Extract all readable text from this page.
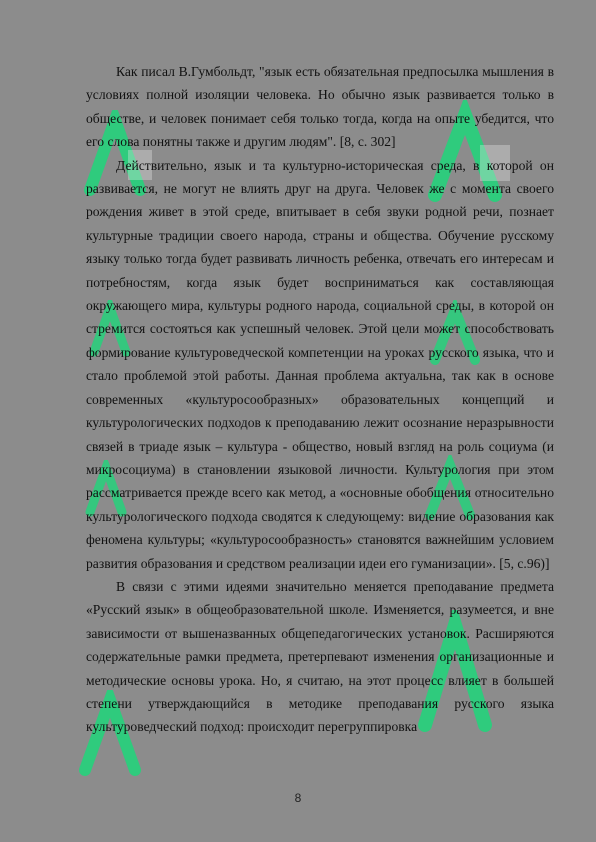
Как писал В.Гумбольдт, "язык есть обязательная предпосылка мышления в условиях полной изоляции человека. Но обычно язык развивается только в обществе, и человек понимает себя только тогда, когда на опыте убедится, что его слова понятны также и другим людям". [8, с. 302]

Действительно, язык и та культурно-историческая среда, в которой он развивается, не могут не влиять друг на друга. Человек же с момента своего рождения живет в этой среде, впитывает в себя звуки родной речи, познает культурные традиции своего народа, страны и общества. Обучение русскому языку только тогда будет развивать личность ребенка, отвечать его интересам и потребностям, когда язык будет восприниматься как составляющая окружающего мира, культуры родного народа, социальной среды, в которой он стремится состояться как успешный человек. Этой цели может способствовать формирование культуроведческой компетенции на уроках русского языка, что и стало проблемой этой работы. Данная проблема актуальна, так как в основе современных «культуросообразных» образовательных концепций и культурологических подходов к преподаванию лежит осознание неразрывности связей в триаде язык – культура - общество, новый взгляд на роль социума (и микросоциума) в становлении языковой личности. Культурология при этом рассматривается прежде всего как метод, а «основные обобщения относительно культурологического подхода сводятся к следующему: видение образования как феномена культуры; «культуросообразность» становятся важнейшим условием развития образования и средством реализации идеи его гуманизации». [5, с.96)]

В связи с этими идеями значительно меняется преподавание предмета «Русский язык» в общеобразовательной школе. Изменяется, разумеется, и вне зависимости от вышеназванных общепедагогических установок. Расширяются содержательные рамки предмета, претерпевают изменения организационные и методические основы урока. Но, я считаю, на этот процесс влияет в большей степени утверждающийся в методике преподавания русского языка культуроведческий подход: происходит перегруппировка

8
